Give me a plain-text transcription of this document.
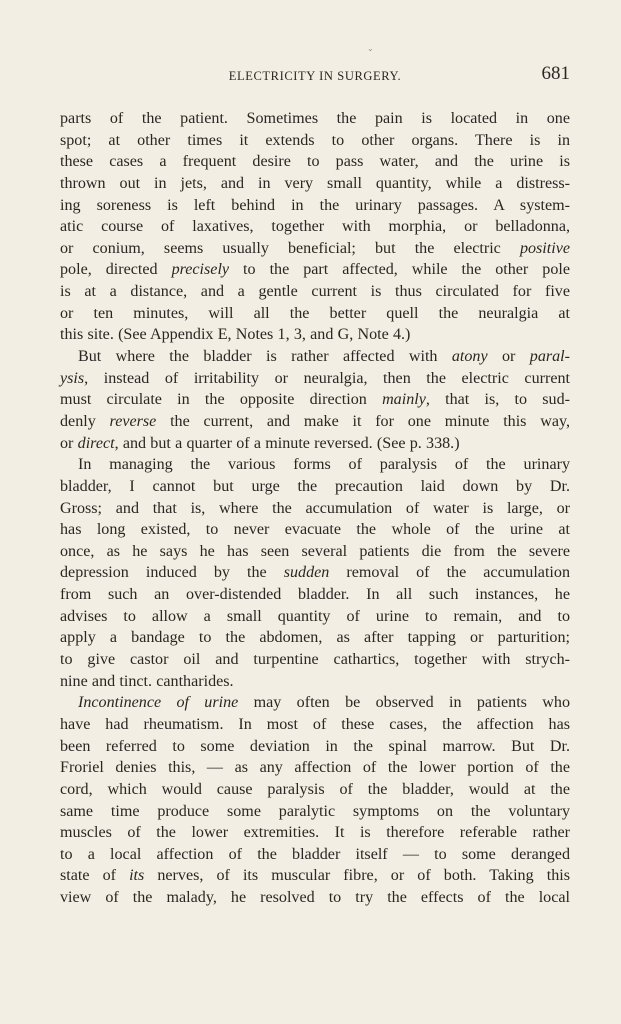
⌄
ELECTRICITY IN SURGERY.	681
parts of the patient. Sometimes the pain is located in one
spot; at other times it extends to other organs. There is in
these cases a frequent desire to pass water, and the urine is
thrown out in jets, and in very small quantity, while a distress-
ing soreness is left behind in the urinary passages. A system-
atic course of laxatives, together with morphia, or belladonna,
or conium, seems usually beneficial; but the electric positive
pole, directed precisely to the part affected, while the other pole
is at a distance, and a gentle current is thus circulated for five
or ten minutes, will all the better quell the neuralgia at
this site. (See Appendix E, Notes 1, 3, and G, Note 4.)
But where the bladder is rather affected with atony or paral-
ysis, instead of irritability or neuralgia, then the electric current
must circulate in the opposite direction mainly, that is, to sud-
denly reverse the current, and make it for one minute this way,
or direct, and but a quarter of a minute reversed. (See p. 338.)
In managing the various forms of paralysis of the urinary
bladder, I cannot but urge the precaution laid down by Dr.
Gross; and that is, where the accumulation of water is large, or
has long existed, to never evacuate the whole of the urine at
once, as he says he has seen several patients die from the severe
depression induced by the sudden removal of the accumulation
from such an over-distended bladder. In all such instances, he
advises to allow a small quantity of urine to remain, and to
apply a bandage to the abdomen, as after tapping or parturition;
to give castor oil and turpentine cathartics, together with strych-
nine and tinct. cantharides.
Incontinence of urine may often be observed in patients who
have had rheumatism. In most of these cases, the affection has
been referred to some deviation in the spinal marrow. But Dr.
Froriel denies this, — as any affection of the lower portion of the
cord, which would cause paralysis of the bladder, would at the
same time produce some paralytic symptoms on the voluntary
muscles of the lower extremities. It is therefore referable rather
to a local affection of the bladder itself — to some deranged
state of its nerves, of its muscular fibre, or of both. Taking this
view of the malady, he resolved to try the effects of the local
